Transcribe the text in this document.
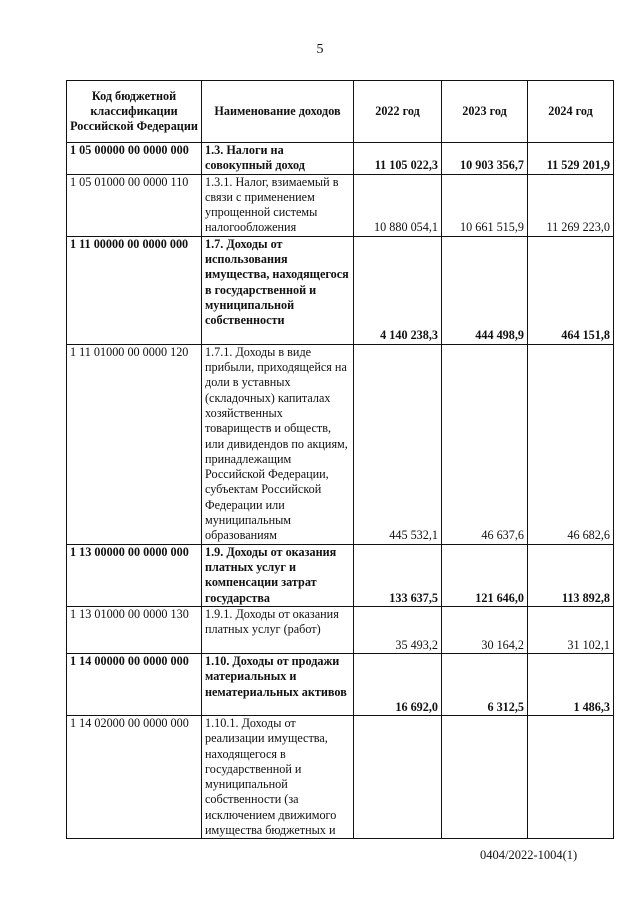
5
Код бюджетной классификации Российской Федерации	Наименование доходов	2022 год	2023 год	2024 год
1 05 00000 00 0000 000	1.3. Налоги на совокупный доход	11 105 022,3	10 903 356,7	11 529 201,9
1 05 01000 00 0000 110	1.3.1. Налог, взимаемый в связи с применением упрощенной системы налогообложения	10 880 054,1	10 661 515,9	11 269 223,0
1 11 00000 00 0000 000	1.7. Доходы от использования имущества, находящегося в государственной и муниципальной собственности	4 140 238,3	444 498,9	464 151,8
1 11 01000 00 0000 120	1.7.1. Доходы в виде прибыли, приходящейся на доли в уставных (складочных) капиталах хозяйственных товариществ и обществ, или дивидендов по акциям, принадлежащим Российской Федерации, субъектам Российской Федерации или муниципальным образованиям	445 532,1	46 637,6	46 682,6
1 13 00000 00 0000 000	1.9. Доходы от оказания платных услуг и компенсации затрат государства	133 637,5	121 646,0	113 892,8
1 13 01000 00 0000 130	1.9.1. Доходы от оказания платных услуг (работ)	35 493,2	30 164,2	31 102,1
1 14 00000 00 0000 000	1.10. Доходы от продажи материальных и нематериальных активов	16 692,0	6 312,5	1 486,3
1 14 02000 00 0000 000	1.10.1. Доходы от реализации имущества, находящегося в государственной и муниципальной собственности (за исключением движимого имущества бюджетных и			
0404/2022-1004(1)
